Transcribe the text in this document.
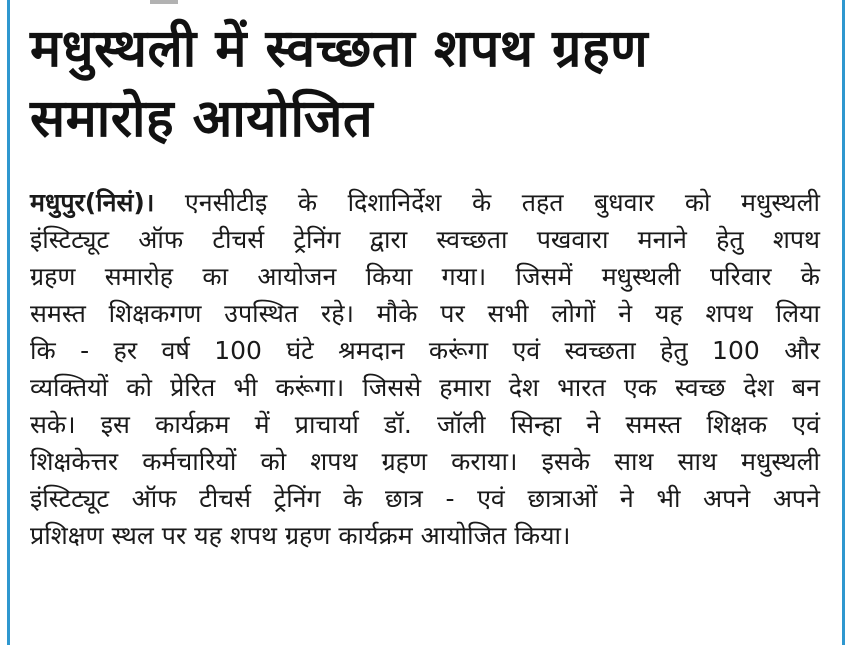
मधुस्थली में स्वच्छता शपथ ग्रहण
समारोह आयोजित
मधुपुर(निसं)। एनसीटीइ के दिशानिर्देश के तहत बुधवार को मधुस्थली
इंस्टिट्यूट ऑफ टीचर्स ट्रेनिंग द्वारा स्वच्छता पखवारा मनाने हेतु शपथ
ग्रहण समारोह का आयोजन किया गया। जिसमें मधुस्थली परिवार के
समस्त शिक्षकगण उपस्थित रहे। मौके पर सभी लोगों ने यह शपथ लिया
कि - हर वर्ष 100 घंटे श्रमदान करूंगा एवं स्वच्छता हेतु 100 और
व्यक्तियों को प्रेरित भी करूंगा। जिससे हमारा देश भारत एक स्वच्छ देश बन
सके। इस कार्यक्रम में प्राचार्या डॉ. जॉली सिन्हा ने समस्त शिक्षक एवं
शिक्षकेत्तर कर्मचारियों को शपथ ग्रहण कराया। इसके साथ साथ मधुस्थली
इंस्टिट्यूट ऑफ टीचर्स ट्रेनिंग के छात्र - एवं छात्राओं ने भी अपने अपने
प्रशिक्षण स्थल पर यह शपथ ग्रहण कार्यक्रम आयोजित किया।
